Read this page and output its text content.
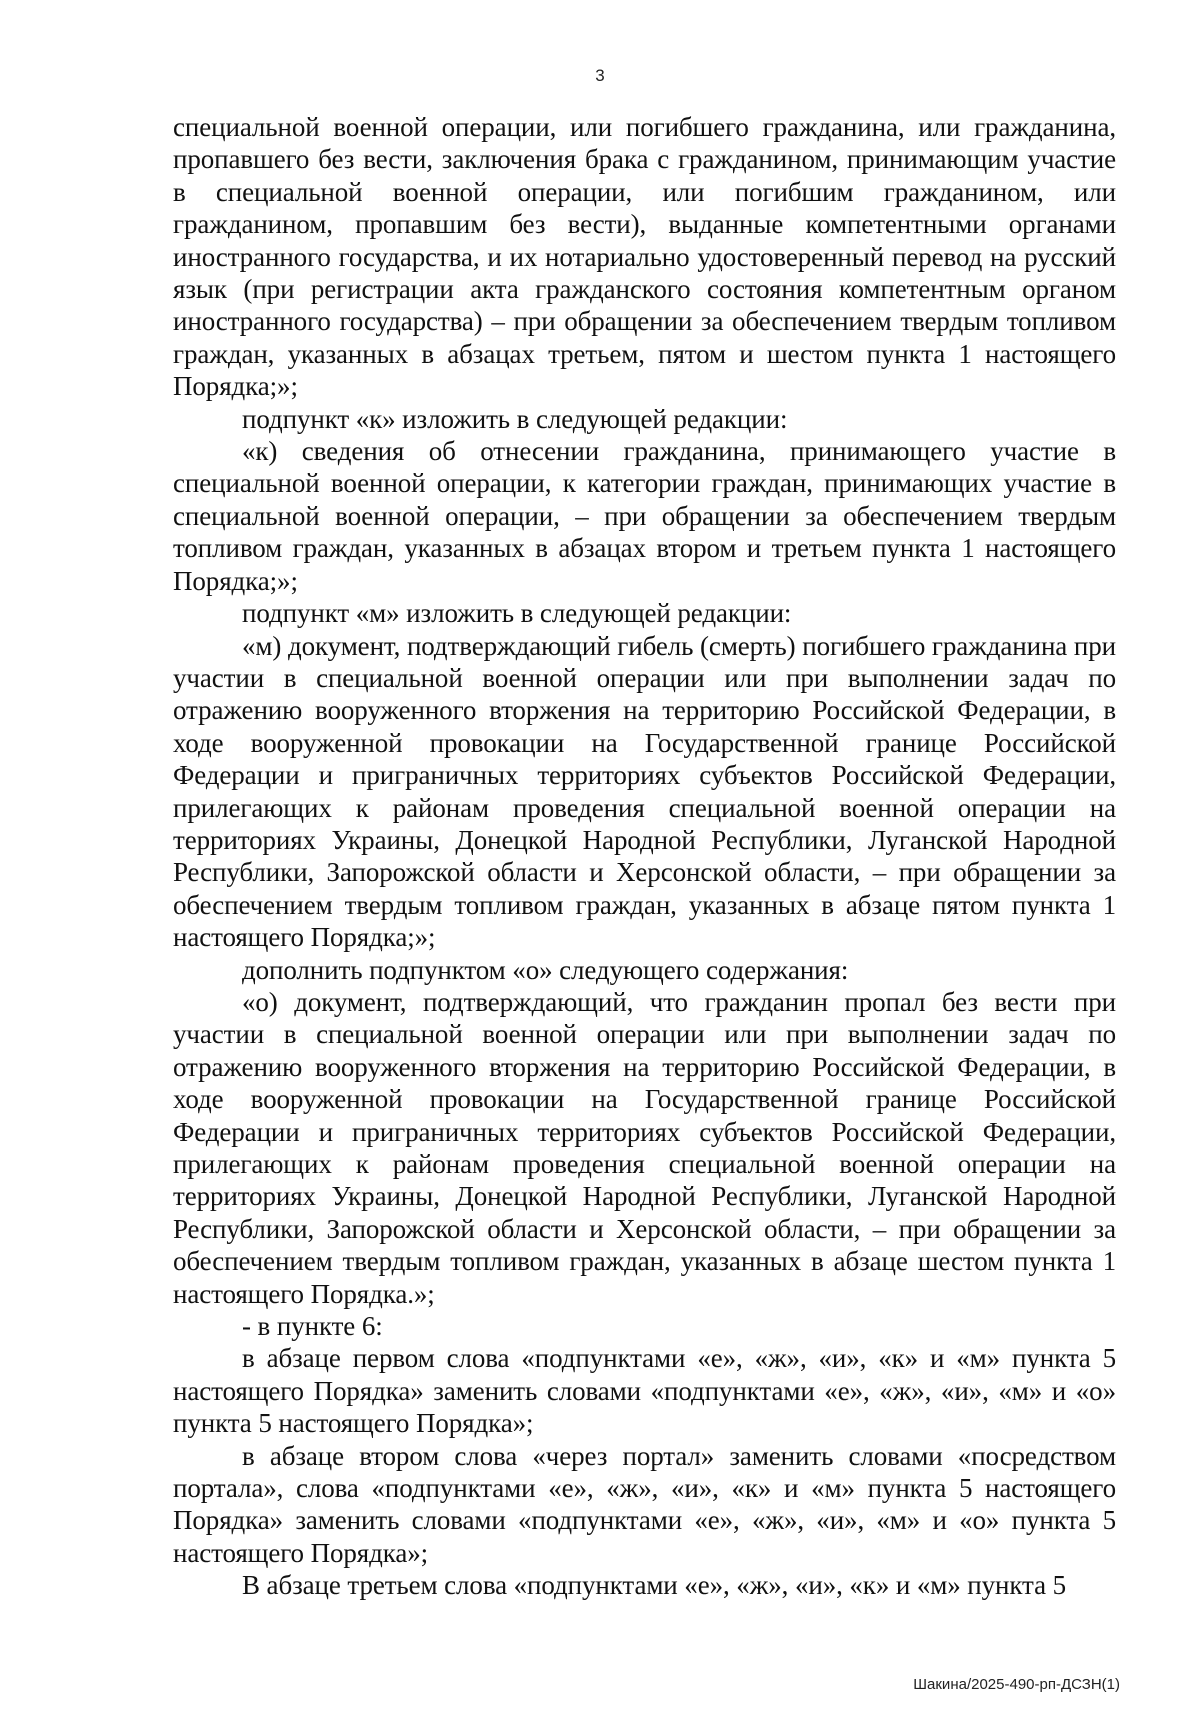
3

специальной военной операции, или погибшего гражданина, или гражданина, пропавшего без вести, заключения брака с гражданином, принимающим участие в специальной военной операции, или погибшим гражданином, или гражданином, пропавшим без вести), выданные компетентными органами иностранного государства, и их нотариально удостоверенный перевод на русский язык (при регистрации акта гражданского состояния компетентным органом иностранного государства) – при обращении за обеспечением твердым топливом граждан, указанных в абзацах третьем, пятом и шестом пункта 1 настоящего Порядка;»;

подпункт «к» изложить в следующей редакции:

«к) сведения об отнесении гражданина, принимающего участие в специальной военной операции, к категории граждан, принимающих участие в специальной военной операции, – при обращении за обеспечением твердым топливом граждан, указанных в абзацах втором и третьем пункта 1 настоящего Порядка;»;

подпункт «м» изложить в следующей редакции:

«м) документ, подтверждающий гибель (смерть) погибшего гражданина при участии в специальной военной операции или при выполнении задач по отражению вооруженного вторжения на территорию Российской Федерации, в ходе вооруженной провокации на Государственной границе Российской Федерации и приграничных территориях субъектов Российской Федерации, прилегающих к районам проведения специальной военной операции на территориях Украины, Донецкой Народной Республики, Луганской Народной Республики, Запорожской области и Херсонской области, – при обращении за обеспечением твердым топливом граждан, указанных в абзаце пятом пункта 1 настоящего Порядка;»;

дополнить подпунктом «о» следующего содержания:

«о) документ, подтверждающий, что гражданин пропал без вести при участии в специальной военной операции или при выполнении задач по отражению вооруженного вторжения на территорию Российской Федерации, в ходе вооруженной провокации на Государственной границе Российской Федерации и приграничных территориях субъектов Российской Федерации, прилегающих к районам проведения специальной военной операции на территориях Украины, Донецкой Народной Республики, Луганской Народной Республики, Запорожской области и Херсонской области, – при обращении за обеспечением твердым топливом граждан, указанных в абзаце шестом пункта 1 настоящего Порядка.»;

- в пункте 6:

в абзаце первом слова «подпунктами «е», «ж», «и», «к» и «м» пункта 5 настоящего Порядка» заменить словами «подпунктами «е», «ж», «и», «м» и «о» пункта 5 настоящего Порядка»;

в абзаце втором слова «через портал» заменить словами «посредством портала», слова «подпунктами «е», «ж», «и», «к» и «м» пункта 5 настоящего Порядка» заменить словами «подпунктами «е», «ж», «и», «м» и «о» пункта 5 настоящего Порядка»;

В абзаце третьем слова «подпунктами «е», «ж», «и», «к» и «м» пункта 5

Шакина/2025-490-рп-ДСЗН(1)
